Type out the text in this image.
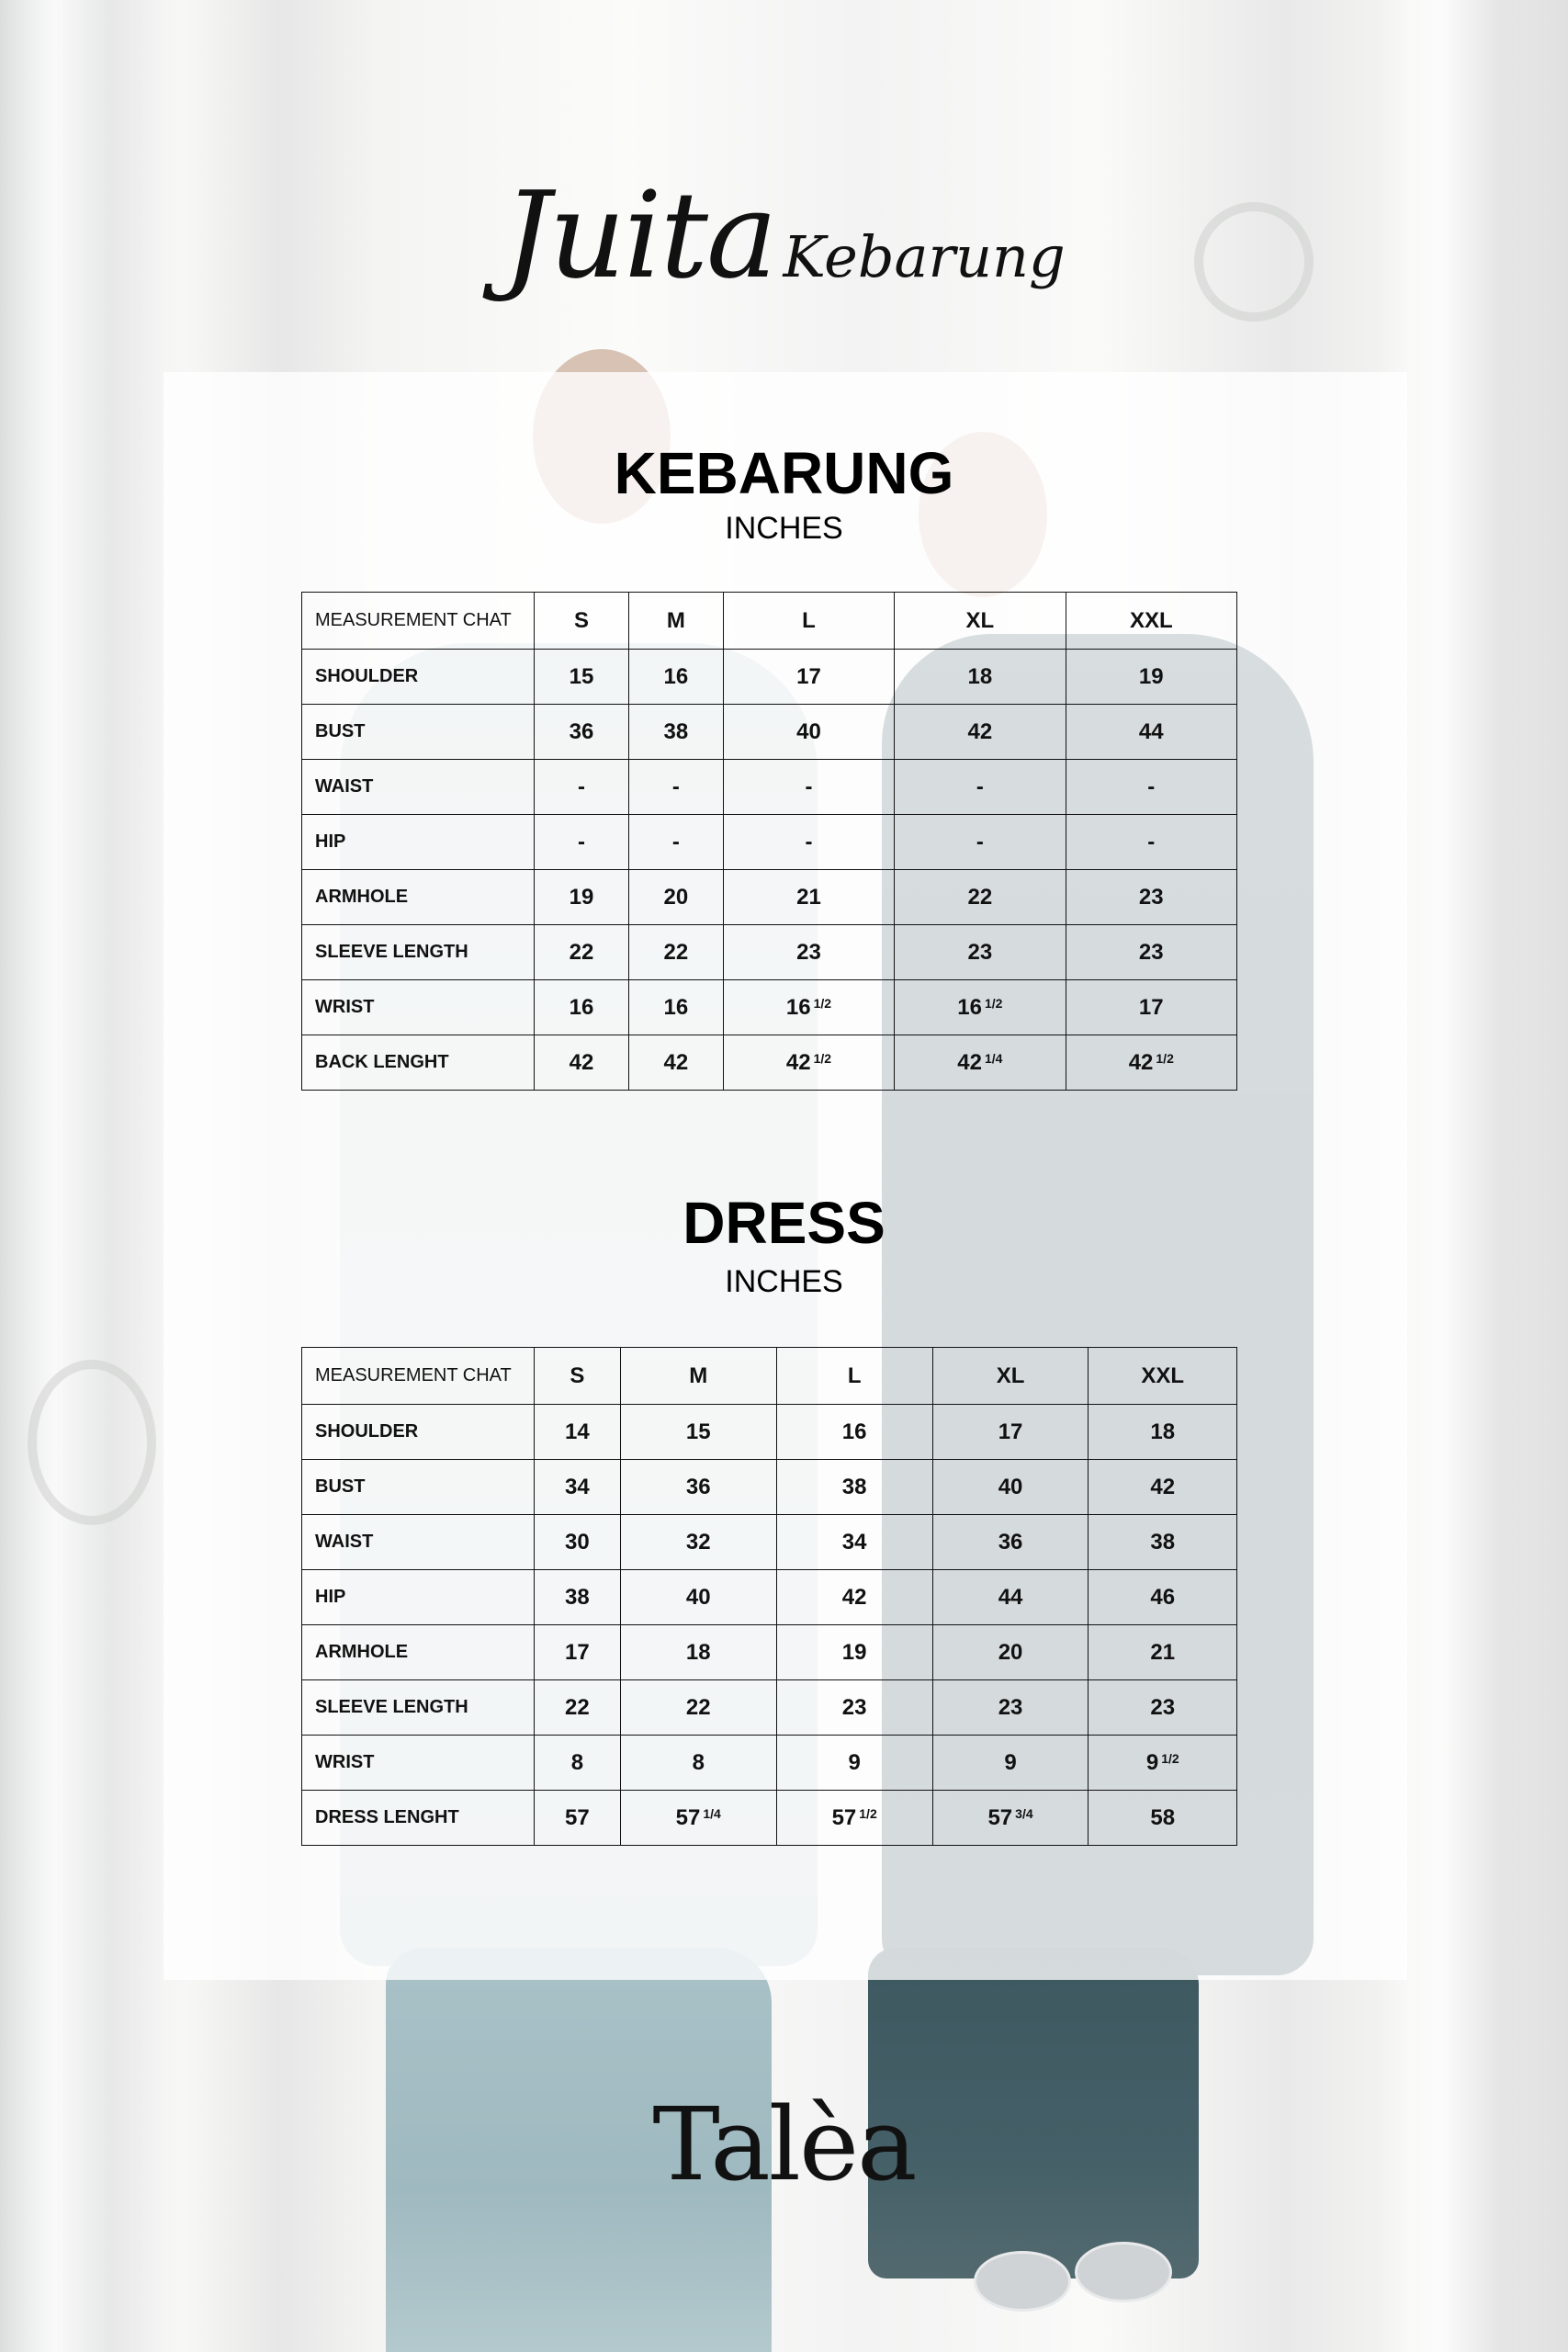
Juita Kebarung
KEBARUNG
INCHES
MEASUREMENT CHAT	S	M	L	XL	XXL
SHOULDER	15	16	17	18	19
BUST	36	38	40	42	44
WAIST	-	-	-	-	-
HIP	-	-	-	-	-
ARMHOLE	19	20	21	22	23
SLEEVE LENGTH	22	22	23	23	23
WRIST	16	16	16 $^{1/2}$	16 $^{1/2}$	17
BACK LENGHT	42	42	42 $^{1/2}$	42 $^{1/4}$	42 $^{1/2}$
DRESS
INCHES
MEASUREMENT CHAT	S	M	L	XL	XXL
SHOULDER	14	15	16	17	18
BUST	34	36	38	40	42
WAIST	30	32	34	36	38
HIP	38	40	42	44	46
ARMHOLE	17	18	19	20	21
SLEEVE LENGTH	22	22	23	23	23
WRIST	8	8	9	9	9 $^{1/2}$
DRESS LENGHT	57	57 $^{1/4}$	57 $^{1/2}$	57 $^{3/4}$	58
Talèa
